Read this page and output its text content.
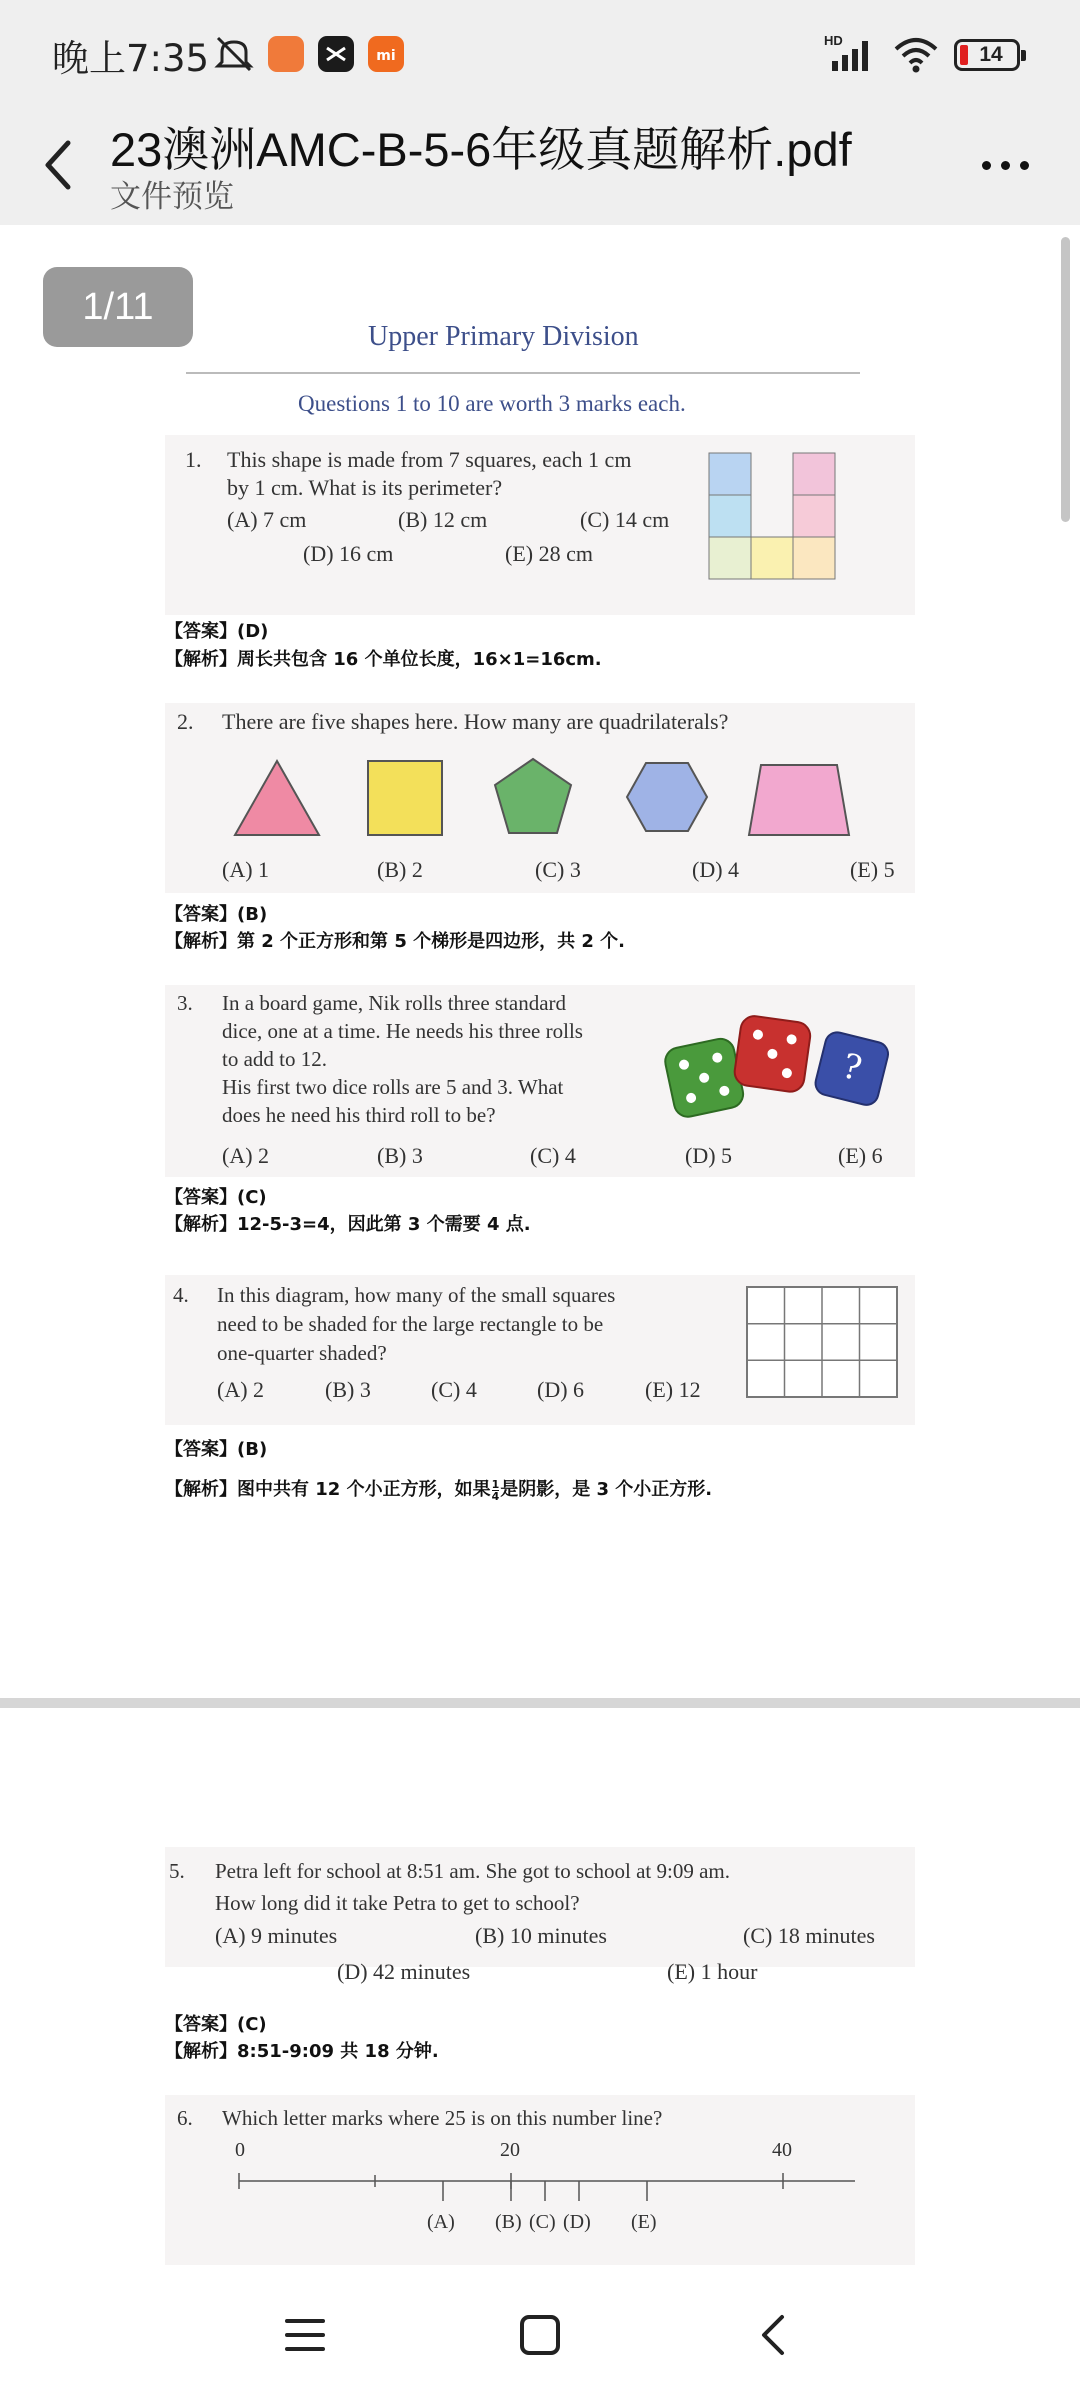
晚上7:35	mi
HD
14
23澳洲AMC-B-5-6年级真题解析.pdf
文件预览
1/11
Upper Primary Division
Questions 1 to 10 are worth 3 marks each.
1. This shape is made from 7 squares, each 1 cm
by 1 cm. What is its perimeter?
(A) 7 cm	(B) 12 cm	(C) 14 cm
(D) 16 cm	(E) 28 cm
【答案】(D)
【解析】周长共包含 16 个单位长度，16×1=16cm.
2. There are five shapes here. How many are quadrilaterals?
(A) 1	(B) 2	(C) 3	(D) 4	(E) 5
【答案】(B)
【解析】第 2 个正方形和第 5 个梯形是四边形，共 2 个.
3. In a board game, Nik rolls three standard
dice, one at a time. He needs his three rolls
to add to 12.
His first two dice rolls are 5 and 3. What
does he need his third roll to be?
?
(A) 2	(B) 3	(C) 4	(D) 5	(E) 6
【答案】(C)
【解析】12-5-3=4，因此第 3 个需要 4 点.
4. In this diagram, how many of the small squares
need to be shaded for the large rectangle to be
one-quarter shaded?
(A) 2	(B) 3	(C) 4	(D) 6	(E) 12
【答案】(B)
【解析】图中共有 12 个小正方形，如果 $\frac{1}{4}$ 是阴影，是 3 个小正方形.
5. Petra left for school at 8:51 am. She got to school at 9:09 am.
How long did it take Petra to get to school?
(A) 9 minutes	(B) 10 minutes	(C) 18 minutes
(D) 42 minutes	(E) 1 hour
【答案】(C)
【解析】8:51-9:09 共 18 分钟.
6. Which letter marks where 25 is on this number line?
0	20	40
(A) (B) (C) (D) (E)
